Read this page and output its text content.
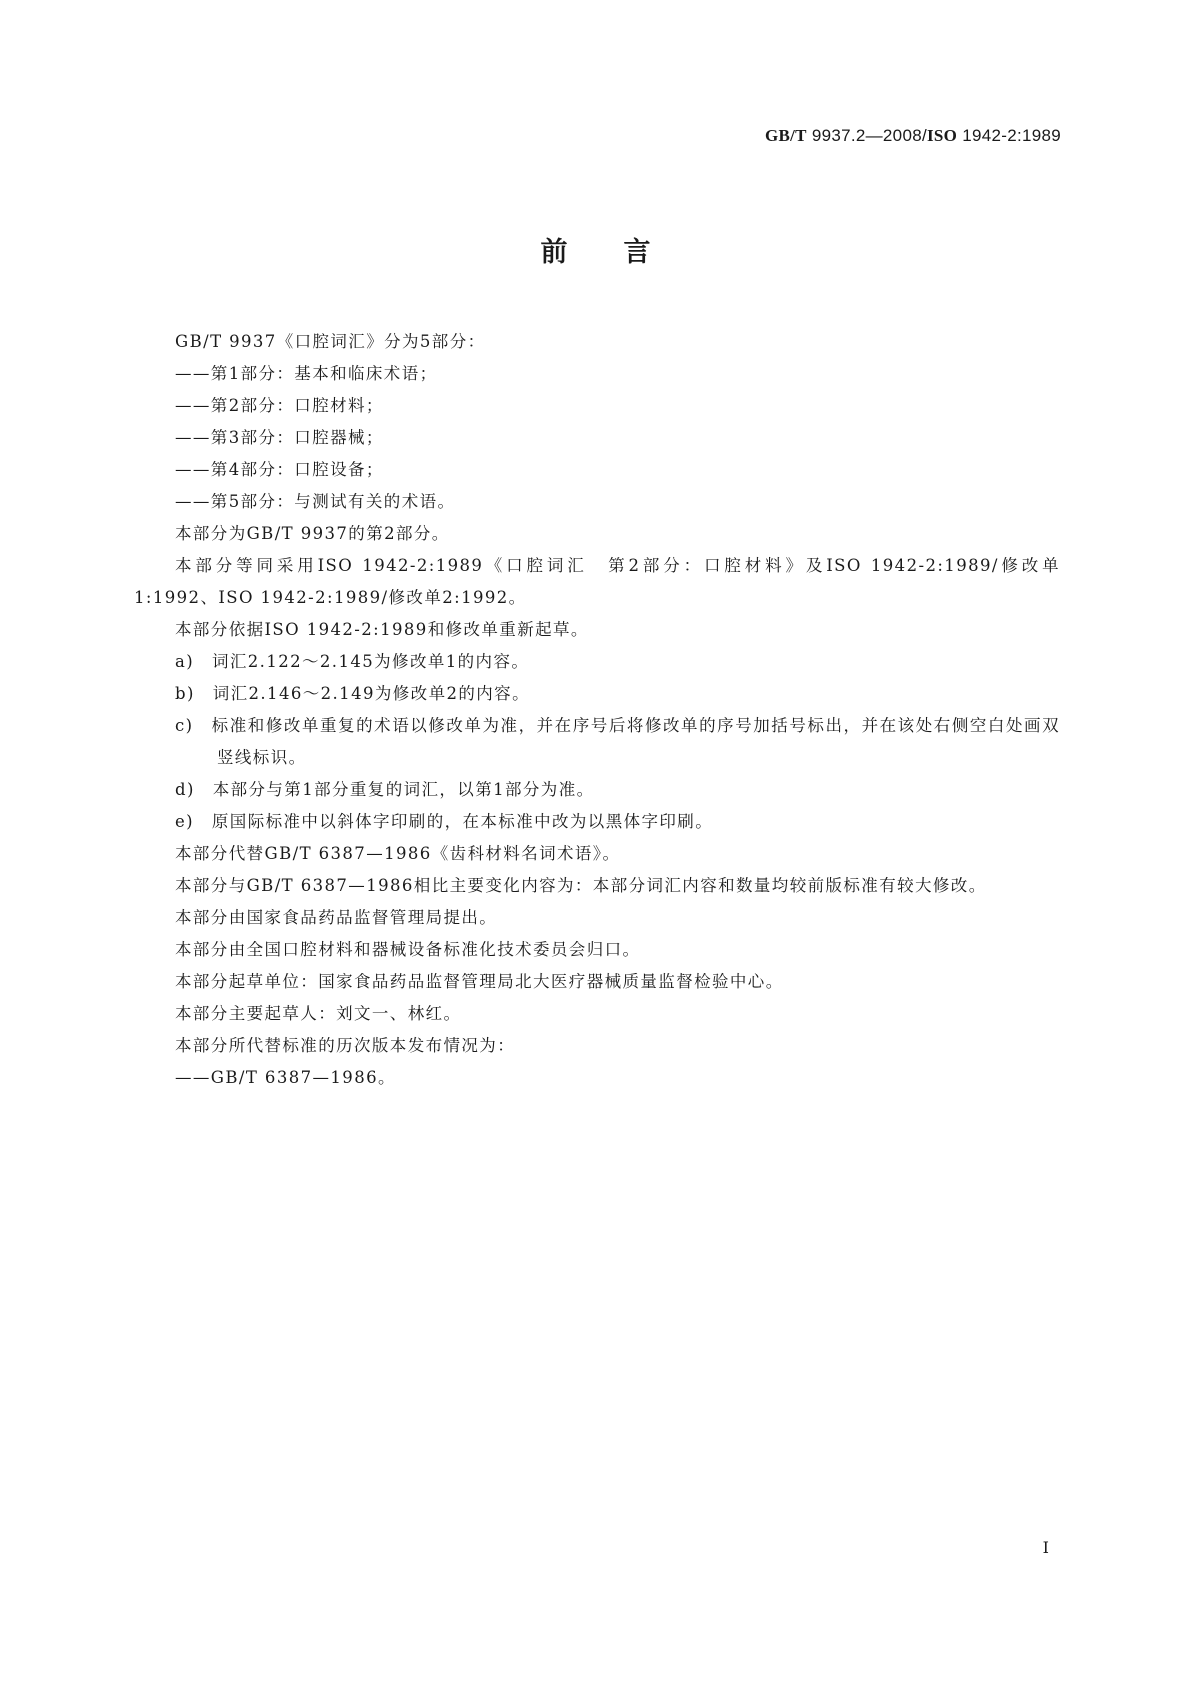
GB/T 9937.2—2008/ISO 1942-2:1989
前言

GB/T 9937《口腔词汇》分为5部分：

——第1部分：基本和临床术语；

——第2部分：口腔材料；

——第3部分：口腔器械；

——第4部分：口腔设备；

——第5部分：与测试有关的术语。

本部分为GB/T 9937的第2部分。

本部分等同采用ISO 1942-2:1989《口腔词汇　第2部分：口腔材料》及ISO 1942-2:1989/修改单1:1992、ISO 1942-2:1989/修改单2:1992。

本部分依据ISO 1942-2:1989和修改单重新起草。

a)　词汇2.122～2.145为修改单1的内容。

b)　词汇2.146～2.149为修改单2的内容。

c)　标准和修改单重复的术语以修改单为准，并在序号后将修改单的序号加括号标出，并在该处右侧空白处画双竖线标识。

d)　本部分与第1部分重复的词汇，以第1部分为准。

e)　原国际标准中以斜体字印刷的，在本标准中改为以黑体字印刷。

本部分代替GB/T 6387—1986《齿科材料名词术语》。

本部分与GB/T 6387—1986相比主要变化内容为：本部分词汇内容和数量均较前版标准有较大修改。

本部分由国家食品药品监督管理局提出。

本部分由全国口腔材料和器械设备标准化技术委员会归口。

本部分起草单位：国家食品药品监督管理局北大医疗器械质量监督检验中心。

本部分主要起草人：刘文一、林红。

本部分所代替标准的历次版本发布情况为：

——GB/T 6387—1986。

I
